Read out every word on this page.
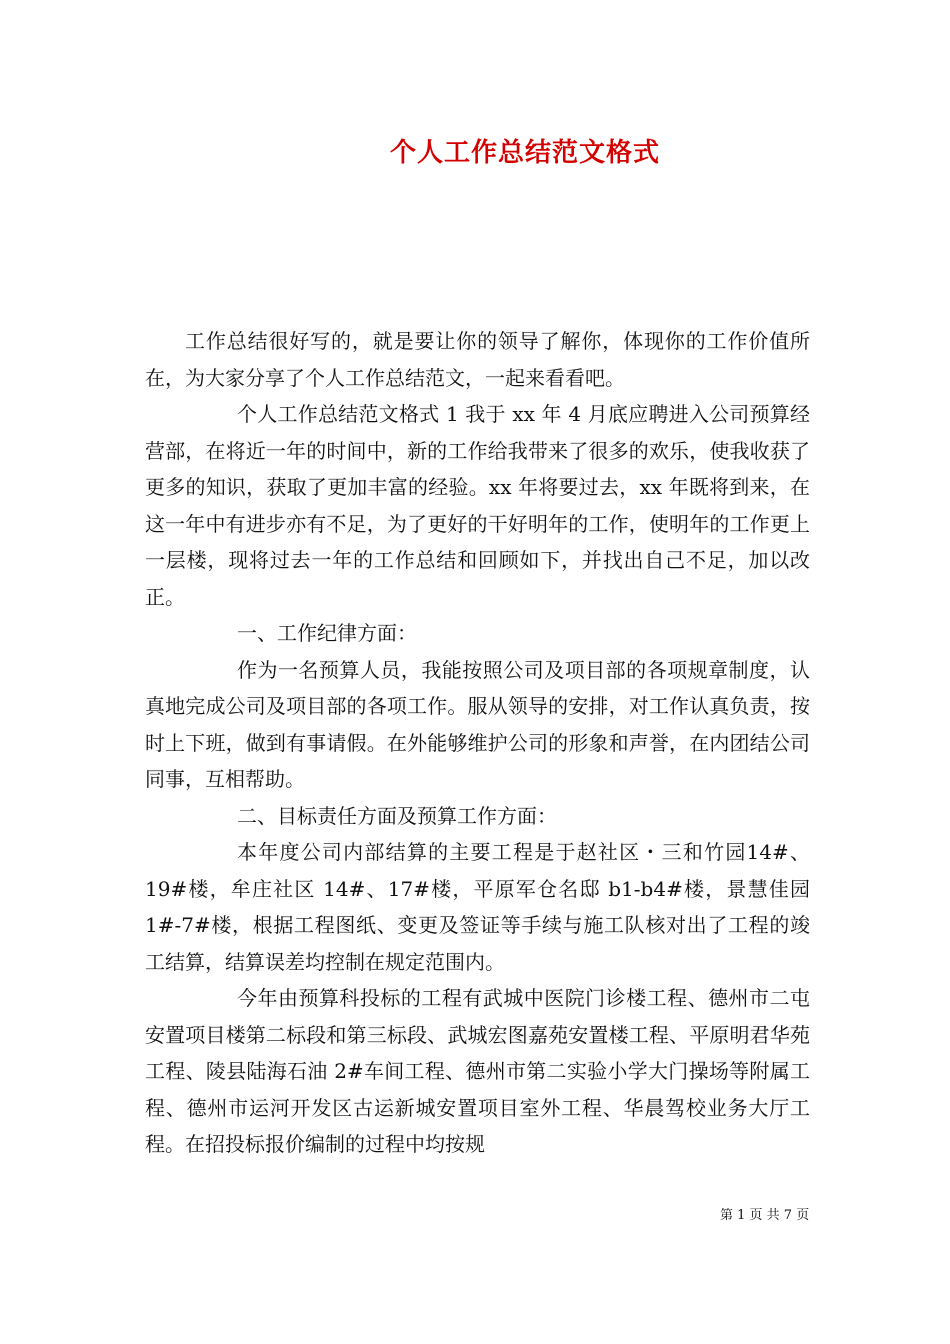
个人工作总结范文格式

工作总结很好写的，就是要让你的领导了解你，体现你的工作价值所在，为大家分享了个人工作总结范文，一起来看看吧。

个人工作总结范文格式 1 我于 xx 年 4 月底应聘进入公司预算经营部，在将近一年的时间中，新的工作给我带来了很多的欢乐，使我收获了更多的知识，获取了更加丰富的经验。xx 年将要过去，xx 年既将到来，在这一年中有进步亦有不足，为了更好的干好明年的工作，使明年的工作更上一层楼，现将过去一年的工作总结和回顾如下，并找出自己不足，加以改正。

一、工作纪律方面：

作为一名预算人员，我能按照公司及项目部的各项规章制度，认真地完成公司及项目部的各项工作。服从领导的安排，对工作认真负责，按时上下班，做到有事请假。在外能够维护公司的形象和声誉，在内团结公司同事，互相帮助。

二、目标责任方面及预算工作方面：

本年度公司内部结算的主要工程是于赵社区・三和竹园14#、19#楼，牟庄社区 14#、17#楼，平原军仓名邸 b1-b4#楼，景慧佳园 1#-7#楼，根据工程图纸、变更及签证等手续与施工队核对出了工程的竣工结算，结算误差均控制在规定范围内。

今年由预算科投标的工程有武城中医院门诊楼工程、德州市二屯安置项目楼第二标段和第三标段、武城宏图嘉苑安置楼工程、平原明君华苑工程、陵县陆海石油 2#车间工程、德州市第二实验小学大门操场等附属工程、德州市运河开发区古运新城安置项目室外工程、华晨驾校业务大厅工程。在招投标报价编制的过程中均按规

第 1 页 共 7 页
